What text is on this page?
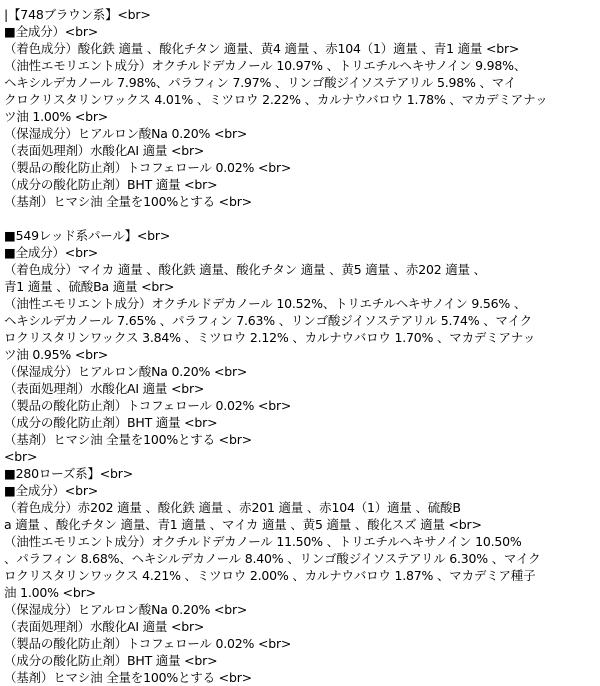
|【748ブラウン系】<br>
■全成分）<br>
（着色成分）酸化鉄 適量 、酸化チタン 適量、黄4 適量 、赤104（1）適量 、青1 適量 <br>
（油性エモリエント成分）オクチルドデカノール 10.97% 、トリエチルヘキサノイン 9.98%、
ヘキシルデカノール 7.98%、パラフィン 7.97% 、リンゴ酸ジイソステアリル 5.98% 、マイ
クロクリスタリンワックス 4.01% 、ミツロウ 2.22% 、カルナウバロウ 1.78% 、マカデミアナッ
ツ油 1.00% <br>
（保湿成分）ヒアルロン酸Na 0.20% <br>
（表面処理剤）水酸化AI 適量 <br>
（製品の酸化防止剤）トコフェロール 0.02% <br>
（成分の酸化防止剤）BHT 適量 <br>
（基剤）ヒマシ油 全量を100%とする <br>

■549レッド系パール】<br>
■全成分）<br>
（着色成分）マイカ 適量 、酸化鉄 適量、酸化チタン 適量 、黄5 適量 、赤202 適量 、
青1 適量 、硫酸Ba 適量 <br>
（油性エモリエント成分）オクチルドデカノール 10.52%、トリエチルヘキサノイン 9.56% 、
ヘキシルデカノール 7.65% 、パラフィン 7.63% 、リンゴ酸ジイソステアリル 5.74% 、マイク
ロクリスタリンワックス 3.84% 、ミツロウ 2.12% 、カルナウバロウ 1.70% 、マカデミアナッ
ツ油 0.95% <br>
（保湿成分）ヒアルロン酸Na 0.20% <br>
（表面処理剤）水酸化AI 適量 <br>
（製品の酸化防止剤）トコフェロール 0.02% <br>
（成分の酸化防止剤）BHT 適量 <br>
（基剤）ヒマシ油 全量を100%とする <br>
<br>
■280ローズ系】<br>
■全成分）<br>
（着色成分）赤202 適量 、酸化鉄 適量 、赤201 適量 、赤104（1）適量 、硫酸B
a 適量 、酸化チタン 適量、青1 適量 、マイカ 適量 、黄5 適量 、酸化スズ 適量 <br>
（油性エモリエント成分）オクチルドデカノール 11.50% 、トリエチルヘキサノイン 10.50%
、パラフィン 8.68%、ヘキシルデカノール 8.40% 、リンゴ酸ジイソステアリル 6.30% 、マイク
ロクリスタリンワックス 4.21% 、ミツロウ 2.00% 、カルナウバロウ 1.87% 、マカデミア種子
油 1.00% <br>
（保湿成分）ヒアルロン酸Na 0.20% <br>
（表面処理剤）水酸化AI 適量 <br>
（製品の酸化防止剤）トコフェロール 0.02% <br>
（成分の酸化防止剤）BHT 適量 <br>
（基剤）ヒマシ油 全量を100%とする <br>
